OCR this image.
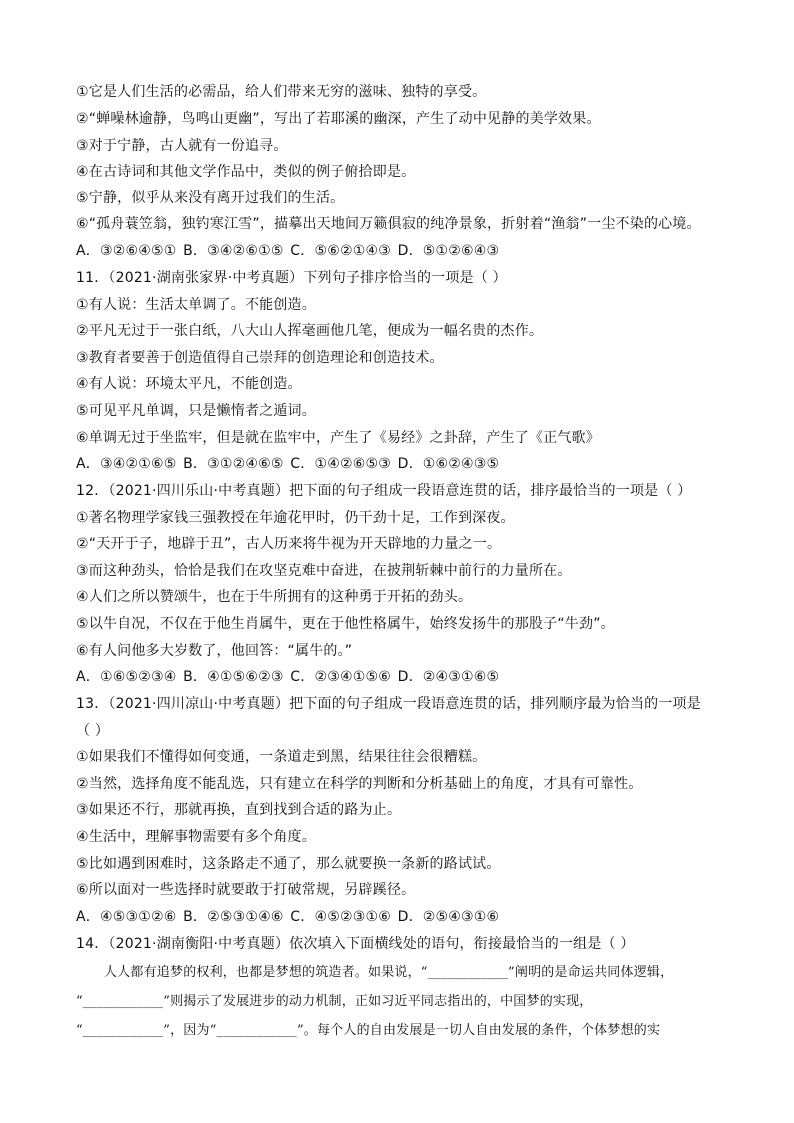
①它是人们生活的必需品，给人们带来无穷的滋味、独特的享受。
②“蝉噪林逾静，鸟鸣山更幽”，写出了若耶溪的幽深，产生了动中见静的美学效果。
③对于宁静，古人就有一份追寻。
④在古诗词和其他文学作品中，类似的例子俯拾即是。
⑤宁静，似乎从来没有离开过我们的生活。
⑥“孤舟蓑笠翁，独钓寒江雪”，描摹出天地间万籁俱寂的纯净景象，折射着“渔翁”一尘不染的心境。
A．③②⑥④⑤① B．③④②⑥①⑤ C．⑤⑥②①④③ D．⑤①②⑥④③
11．（2021·湖南张家界·中考真题）下列句子排序恰当的一项是（ ）
①有人说：生活太单调了。不能创造。
②平凡无过于一张白纸，八大山人挥毫画他几笔，便成为一幅名贵的杰作。
③教育者要善于创造值得自己崇拜的创造理论和创造技术。
④有人说：环境太平凡，不能创造。
⑤可见平凡单调，只是懒惰者之遁词。
⑥单调无过于坐监牢，但是就在监牢中，产生了《易经》之卦辞，产生了《正气歌》
A．③④②①⑥⑤ B．③①②④⑥⑤ C．①④②⑥⑤③ D．①⑥②④③⑤
12．（2021·四川乐山·中考真题）把下面的句子组成一段语意连贯的话，排序最恰当的一项是（ ）
①著名物理学家钱三强教授在年逾花甲时，仍干劲十足，工作到深夜。
②“天开于子，地辟于丑”，古人历来将牛视为开天辟地的力量之一。
③而这种劲头，恰恰是我们在攻坚克难中奋进，在披荆斩棘中前行的力量所在。
④人们之所以赞颂牛，也在于牛所拥有的这种勇于开拓的劲头。
⑤以牛自况，不仅在于他生肖属牛，更在于他性格属牛，始终发扬牛的那股子“牛劲”。
⑥有人问他多大岁数了，他回答：“属牛的。”
A．①⑥⑤②③④ B．④①⑤⑥②③ C．②③④①⑤⑥ D．②④③①⑥⑤
13．（2021·四川凉山·中考真题）把下面的句子组成一段语意连贯的话，排列顺序最为恰当的一项是
（ ）
①如果我们不懂得如何变通，一条道走到黑，结果往往会很糟糕。
②当然，选择角度不能乱选，只有建立在科学的判断和分析基础上的角度，才具有可靠性。
③如果还不行，那就再换，直到找到合适的路为止。
④生活中，理解事物需要有多个角度。
⑤比如遇到困难时，这条路走不通了，那么就要换一条新的路试试。
⑥所以面对一些选择时就要敢于打破常规，另辟蹊径。
A．④⑤③①②⑥ B．②⑤③①④⑥ C．④⑤②③①⑥ D．②⑤④③①⑥
14．（2021·湖南衡阳·中考真题）依次填入下面横线处的语句，衔接最恰当的一组是（ ）
人人都有追梦的权利，也都是梦想的筑造者。如果说，“____________”阐明的是命运共同体逻辑，
“____________”则揭示了发展进步的动力机制，正如习近平同志指出的，中国梦的实现，
“____________”，因为“____________”。每个人的自由发展是一切人自由发展的条件，个体梦想的实
